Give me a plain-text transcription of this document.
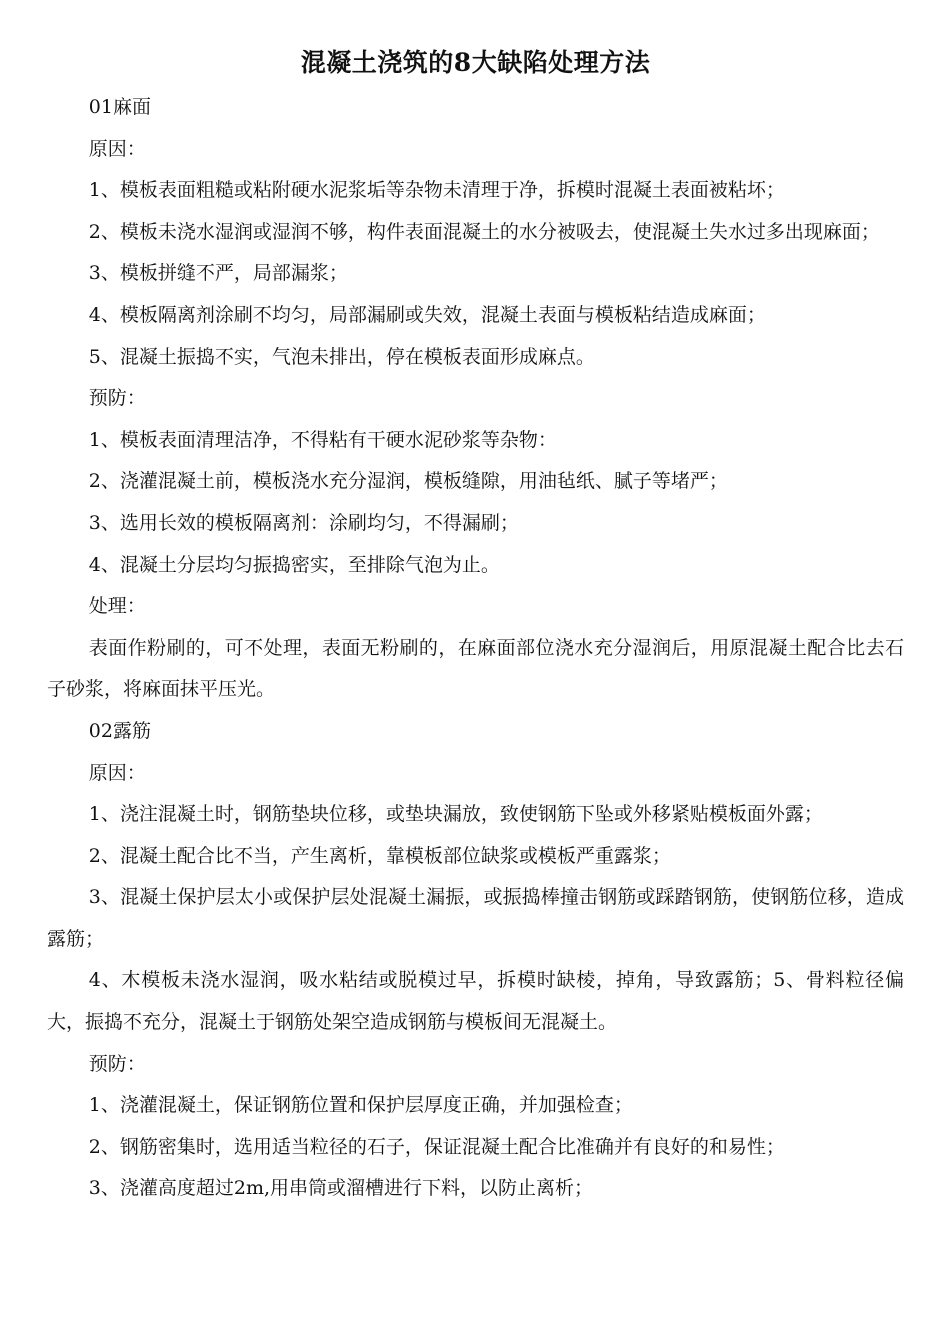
混凝土浇筑的8大缺陷处理方法

01麻面

原因：

1、模板表面粗糙或粘附硬水泥浆垢等杂物未清理于净，拆模时混凝土表面被粘坏；

2、模板未浇水湿润或湿润不够，构件表面混凝土的水分被吸去，使混凝土失水过多出现麻面；

3、模板拼缝不严，局部漏浆；

4、模板隔离剂涂刷不均匀，局部漏刷或失效，混凝土表面与模板粘结造成麻面；

5、混凝土振捣不实，气泡未排出，停在模板表面形成麻点。

预防：

1、模板表面清理洁净，不得粘有干硬水泥砂浆等杂物：

2、浇灌混凝土前，模板浇水充分湿润，模板缝隙，用油毡纸、腻子等堵严；

3、选用长效的模板隔离剂：涂刷均匀，不得漏刷；

4、混凝土分层均匀振捣密实，至排除气泡为止。

处理：

表面作粉刷的，可不处理，表面无粉刷的，在麻面部位浇水充分湿润后，用原混凝土配合比去石子砂浆，将麻面抹平压光。

02露筋

原因：

1、浇注混凝土时，钢筋垫块位移，或垫块漏放，致使钢筋下坠或外移紧贴模板面外露；

2、混凝土配合比不当，产生离析，靠模板部位缺浆或模板严重露浆；

3、混凝土保护层太小或保护层处混凝土漏振，或振捣棒撞击钢筋或踩踏钢筋，使钢筋位移，造成露筋；

4、木模板未浇水湿润，吸水粘结或脱模过早，拆模时缺棱，掉角，导致露筋；5、骨料粒径偏大，振捣不充分，混凝土于钢筋处架空造成钢筋与模板间无混凝土。

预防：

1、浇灌混凝土，保证钢筋位置和保护层厚度正确，并加强检查；

2、钢筋密集时，选用适当粒径的石子，保证混凝土配合比准确并有良好的和易性；

3、浇灌高度超过2m,用串筒或溜槽进行下料，以防止离析；
